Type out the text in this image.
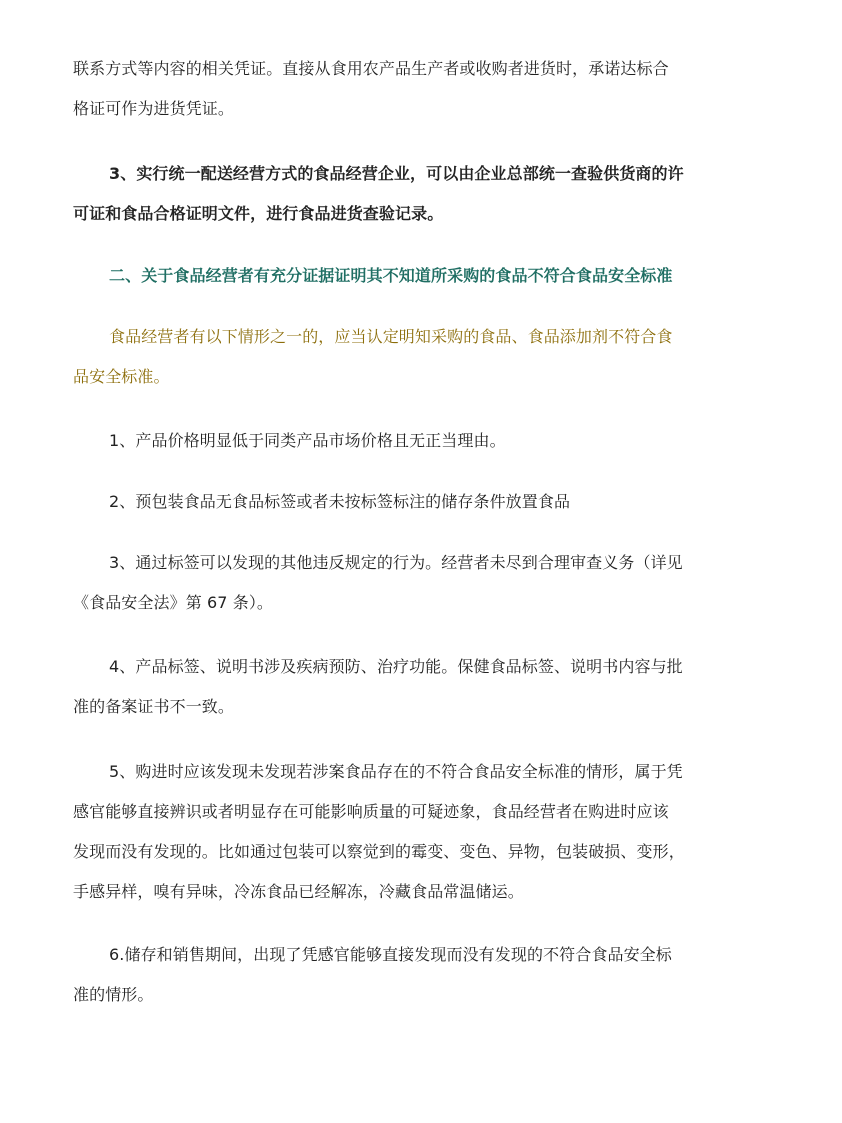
联系方式等内容的相关凭证。直接从食用农产品生产者或收购者进货时，承诺达标合
格证可作为进货凭证。

3、实行统一配送经营方式的食品经营企业，可以由企业总部统一查验供货商的许
可证和食品合格证明文件，进行食品进货查验记录。

二、关于食品经营者有充分证据证明其不知道所采购的食品不符合食品安全标准

食品经营者有以下情形之一的，应当认定明知采购的食品、食品添加剂不符合食
品安全标准。

1、产品价格明显低于同类产品市场价格且无正当理由。

2、预包装食品无食品标签或者未按标签标注的储存条件放置食品

3、通过标签可以发现的其他违反规定的行为。经营者未尽到合理审查义务（详见
《食品安全法》第 67 条）。

4、产品标签、说明书涉及疾病预防、治疗功能。保健食品标签、说明书内容与批
准的备案证书不一致。

5、购进时应该发现未发现若涉案食品存在的不符合食品安全标准的情形，属于凭
感官能够直接辨识或者明显存在可能影响质量的可疑迹象，食品经营者在购进时应该
发现而没有发现的。比如通过包装可以察觉到的霉变、变色、异物，包装破损、变形，
手感异样，嗅有异味，冷冻食品已经解冻，冷藏食品常温储运。

6.储存和销售期间，出现了凭感官能够直接发现而没有发现的不符合食品安全标
准的情形。
